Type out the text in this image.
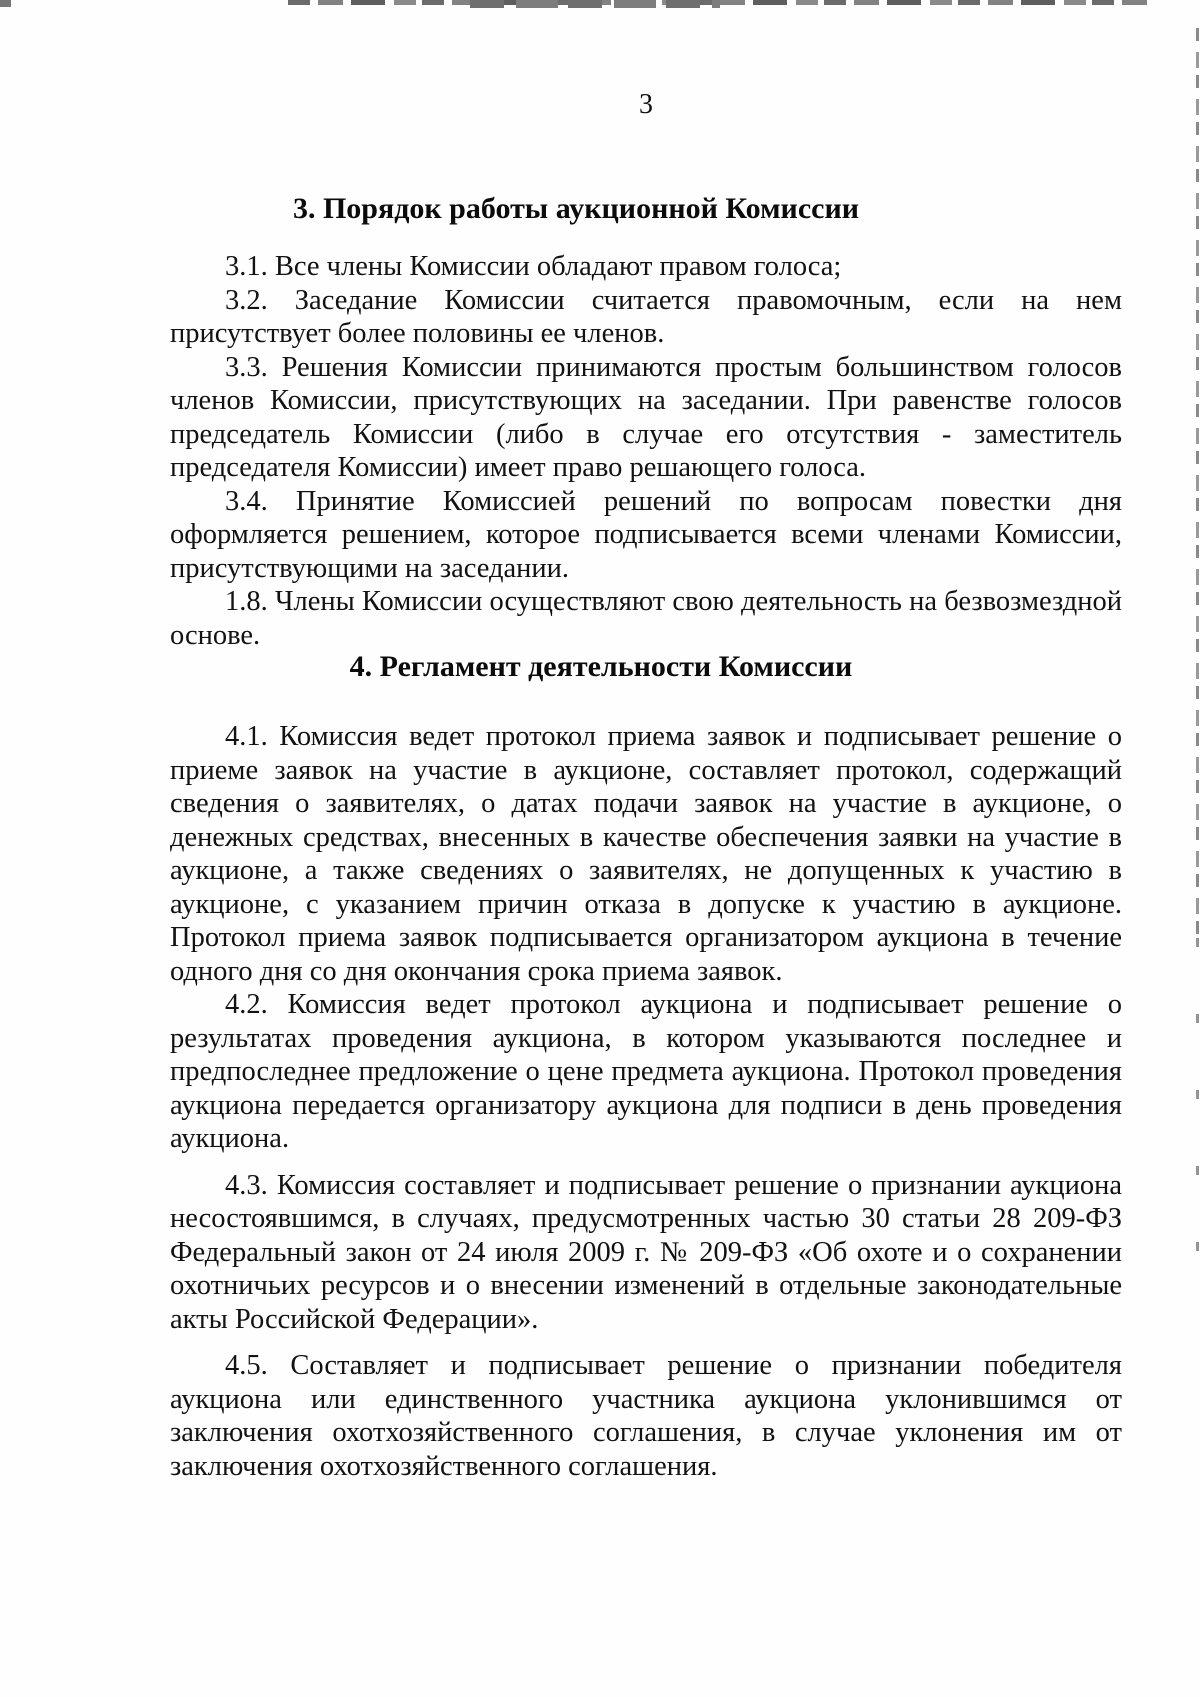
3
3. Порядок работы аукционной Комиссии

3.1. Все члены Комиссии обладают правом голоса;

3.2. Заседание Комиссии считается правомочным, если на нем присутствует более половины ее членов.

3.3. Решения Комиссии принимаются простым большинством голосов членов Комиссии, присутствующих на заседании. При равенстве голосов председатель Комиссии (либо в случае его отсутствия - заместитель председателя Комиссии) имеет право решающего голоса.

3.4. Принятие Комиссией решений по вопросам повестки дня оформляется решением, которое подписывается всеми членами Комиссии, присутствующими на заседании.

1.8. Члены Комиссии осуществляют свою деятельность на безвозмездной основе.

4. Регламент деятельности Комиссии

4.1. Комиссия ведет протокол приема заявок и подписывает решение о приеме заявок на участие в аукционе, составляет протокол, содержащий сведения о заявителях, о датах подачи заявок на участие в аукционе, о денежных средствах, внесенных в качестве обеспечения заявки на участие в аукционе, а также сведениях о заявителях, не допущенных к участию в аукционе, с указанием причин отказа в допуске к участию в аукционе. Протокол приема заявок подписывается организатором аукциона в течение одного дня со дня окончания срока приема заявок.

4.2. Комиссия ведет протокол аукциона и подписывает решение о результатах проведения аукциона, в котором указываются последнее и предпоследнее предложение о цене предмета аукциона. Протокол проведения аукциона передается организатору аукциона для подписи в день проведения аукциона.

4.3. Комиссия составляет и подписывает решение о признании аукциона несостоявшимся, в случаях, предусмотренных частью 30 статьи 28 209-ФЗ Федеральный закон от 24 июля 2009 г. № 209-ФЗ «Об охоте и о сохранении охотничьих ресурсов и о внесении изменений в отдельные законодательные акты Российской Федерации».

4.5. Составляет и подписывает решение о признании победителя аукциона или единственного участника аукциона уклонившимся от заключения охотхозяйственного соглашения, в случае уклонения им от заключения охотхозяйственного соглашения.
